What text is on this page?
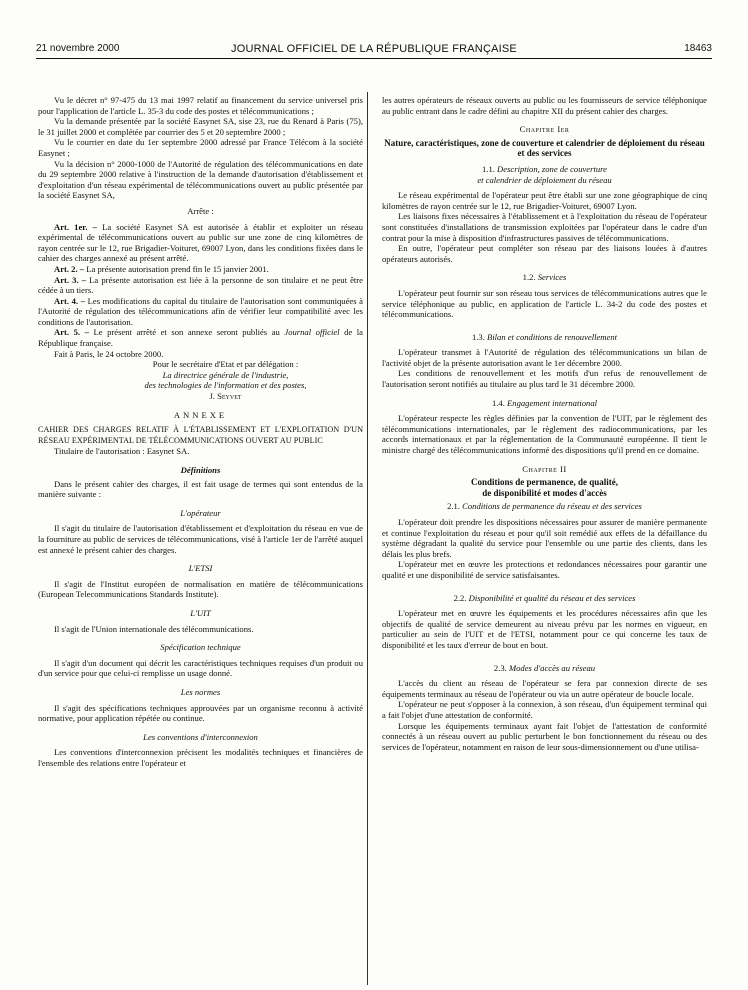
21 novembre 2000	JOURNAL OFFICIEL DE LA RÉPUBLIQUE FRANÇAISE	18463

Vu le décret n° 97-475 du 13 mai 1997 relatif au financement du service universel pris pour l'application de l'article L. 35-3 du code des postes et télécommunications ;

Vu la demande présentée par la société Easynet SA, sise 23, rue du Renard à Paris (75), le 31 juillet 2000 et complétée par courrier des 5 et 20 septembre 2000 ;

Vu le courrier en date du 1er septembre 2000 adressé par France Télécom à la société Easynet ;

Vu la décision n° 2000-1000 de l'Autorité de régulation des télécommunications en date du 29 septembre 2000 relative à l'instruction de la demande d'autorisation d'établissement et d'exploitation d'un réseau expérimental de télécommunications ouvert au public présentée par la société Easynet SA,

Arrête :

Art. 1er. – La société Easynet SA est autorisée à établir et exploiter un réseau expérimental de télécommunications ouvert au public sur une zone de cinq kilomètres de rayon centrée sur le 12, rue Brigadier-Voituret, 69007 Lyon, dans les conditions fixées dans le cahier des charges annexé au présent arrêté.

Art. 2. – La présente autorisation prend fin le 15 janvier 2001.

Art. 3. – La présente autorisation est liée à la personne de son titulaire et ne peut être cédée à un tiers.

Art. 4. – Les modifications du capital du titulaire de l'autorisation sont communiquées à l'Autorité de régulation des télécommunications afin de vérifier leur compatibilité avec les conditions de l'autorisation.

Art. 5. – Le présent arrêté et son annexe seront publiés au Journal officiel de la République française.

Fait à Paris, le 24 octobre 2000.

Pour le secrétaire d'Etat et par délégation :

La directrice générale de l'industrie,

des technologies de l'information et des postes,

J. Seyvet

ANNEXE

CAHIER DES CHARGES RELATIF À L'ÉTABLISSEMENT ET L'EXPLOITATION D'UN RÉSEAU EXPÉRIMENTAL DE TÉLÉCOMMUNICATIONS OUVERT AU PUBLIC

Titulaire de l'autorisation : Easynet SA.

Définitions

Dans le présent cahier des charges, il est fait usage de termes qui sont entendus de la manière suivante :

L'opérateur

Il s'agit du titulaire de l'autorisation d'établissement et d'exploitation du réseau en vue de la fourniture au public de services de télécommunications, visé à l'article 1er de l'arrêté auquel est annexé le présent cahier des charges.

L'ETSI

Il s'agit de l'Institut européen de normalisation en matière de télécommunications (European Telecommunications Standards Institute).

L'UIT

Il s'agit de l'Union internationale des télécommunications.

Spécification technique

Il s'agit d'un document qui décrit les caractéristiques techniques requises d'un produit ou d'un service pour que celui-ci remplisse un usage donné.

Les normes

Il s'agit des spécifications techniques approuvées par un organisme reconnu à activité normative, pour application répétée ou continue.

Les conventions d'interconnexion

Les conventions d'interconnexion précisent les modalités techniques et financières de l'ensemble des relations entre l'opérateur et

les autres opérateurs de réseaux ouverts au public ou les fournisseurs de service téléphonique au public entrant dans le cadre défini au chapitre XII du présent cahier des charges.

Chapitre Ier

Nature, caractéristiques, zone de couverture et calendrier de déploiement du réseau et des services

1.1. Description, zone de couverture
et calendrier de déploiement du réseau

Le réseau expérimental de l'opérateur peut être établi sur une zone géographique de cinq kilomètres de rayon centrée sur le 12, rue Brigadier-Voituret, 69007 Lyon.

Les liaisons fixes nécessaires à l'établissement et à l'exploitation du réseau de l'opérateur sont constituées d'installations de transmission exploitées par l'opérateur dans le cadre d'un contrat pour la mise à disposition d'infrastructures passives de télécommunications.

En outre, l'opérateur peut compléter son réseau par des liaisons louées à d'autres opérateurs autorisés.

1.2. Services

L'opérateur peut fournir sur son réseau tous services de télécommunications autres que le service téléphonique au public, en application de l'article L. 34-2 du code des postes et télécommunications.

1.3. Bilan et conditions de renouvellement

L'opérateur transmet à l'Autorité de régulation des télécommunications un bilan de l'activité objet de la présente autorisation avant le 1er décembre 2000.

Les conditions de renouvellement et les motifs d'un refus de renouvellement de l'autorisation seront notifiés au titulaire au plus tard le 31 décembre 2000.

1.4. Engagement international

L'opérateur respecte les règles définies par la convention de l'UIT, par le règlement des télécommunications internationales, par le règlement des radiocommunications, par les accords internationaux et par la réglementation de la Communauté européenne. Il tient le ministre chargé des télécommunications informé des dispositions qu'il prend en ce domaine.

Chapitre II

Conditions de permanence, de qualité,
de disponibilité et modes d'accès

2.1. Conditions de permanence du réseau et des services

L'opérateur doit prendre les dispositions nécessaires pour assurer de manière permanente et continue l'exploitation du réseau et pour qu'il soit remédié aux effets de la défaillance du système dégradant la qualité du service pour l'ensemble ou une partie des clients, dans les délais les plus brefs.

L'opérateur met en œuvre les protections et redondances nécessaires pour garantir une qualité et une disponibilité de service satisfaisantes.

2.2. Disponibilité et qualité du réseau et des services

L'opérateur met en œuvre les équipements et les procédures nécessaires afin que les objectifs de qualité de service demeurent au niveau prévu par les normes en vigueur, en particulier au sein de l'UIT et de l'ETSI, notamment pour ce qui concerne les taux de disponibilité et les taux d'erreur de bout en bout.

2.3. Modes d'accès au réseau

L'accès du client au réseau de l'opérateur se fera par connexion directe de ses équipements terminaux au réseau de l'opérateur ou via un autre opérateur de boucle locale.

L'opérateur ne peut s'opposer à la connexion, à son réseau, d'un équipement terminal qui a fait l'objet d'une attestation de conformité.

Lorsque les équipements terminaux ayant fait l'objet de l'attestation de conformité connectés à un réseau ouvert au public perturbent le bon fonctionnement du réseau ou des services de l'opérateur, notamment en raison de leur sous-dimensionnement ou d'une utilisa-
